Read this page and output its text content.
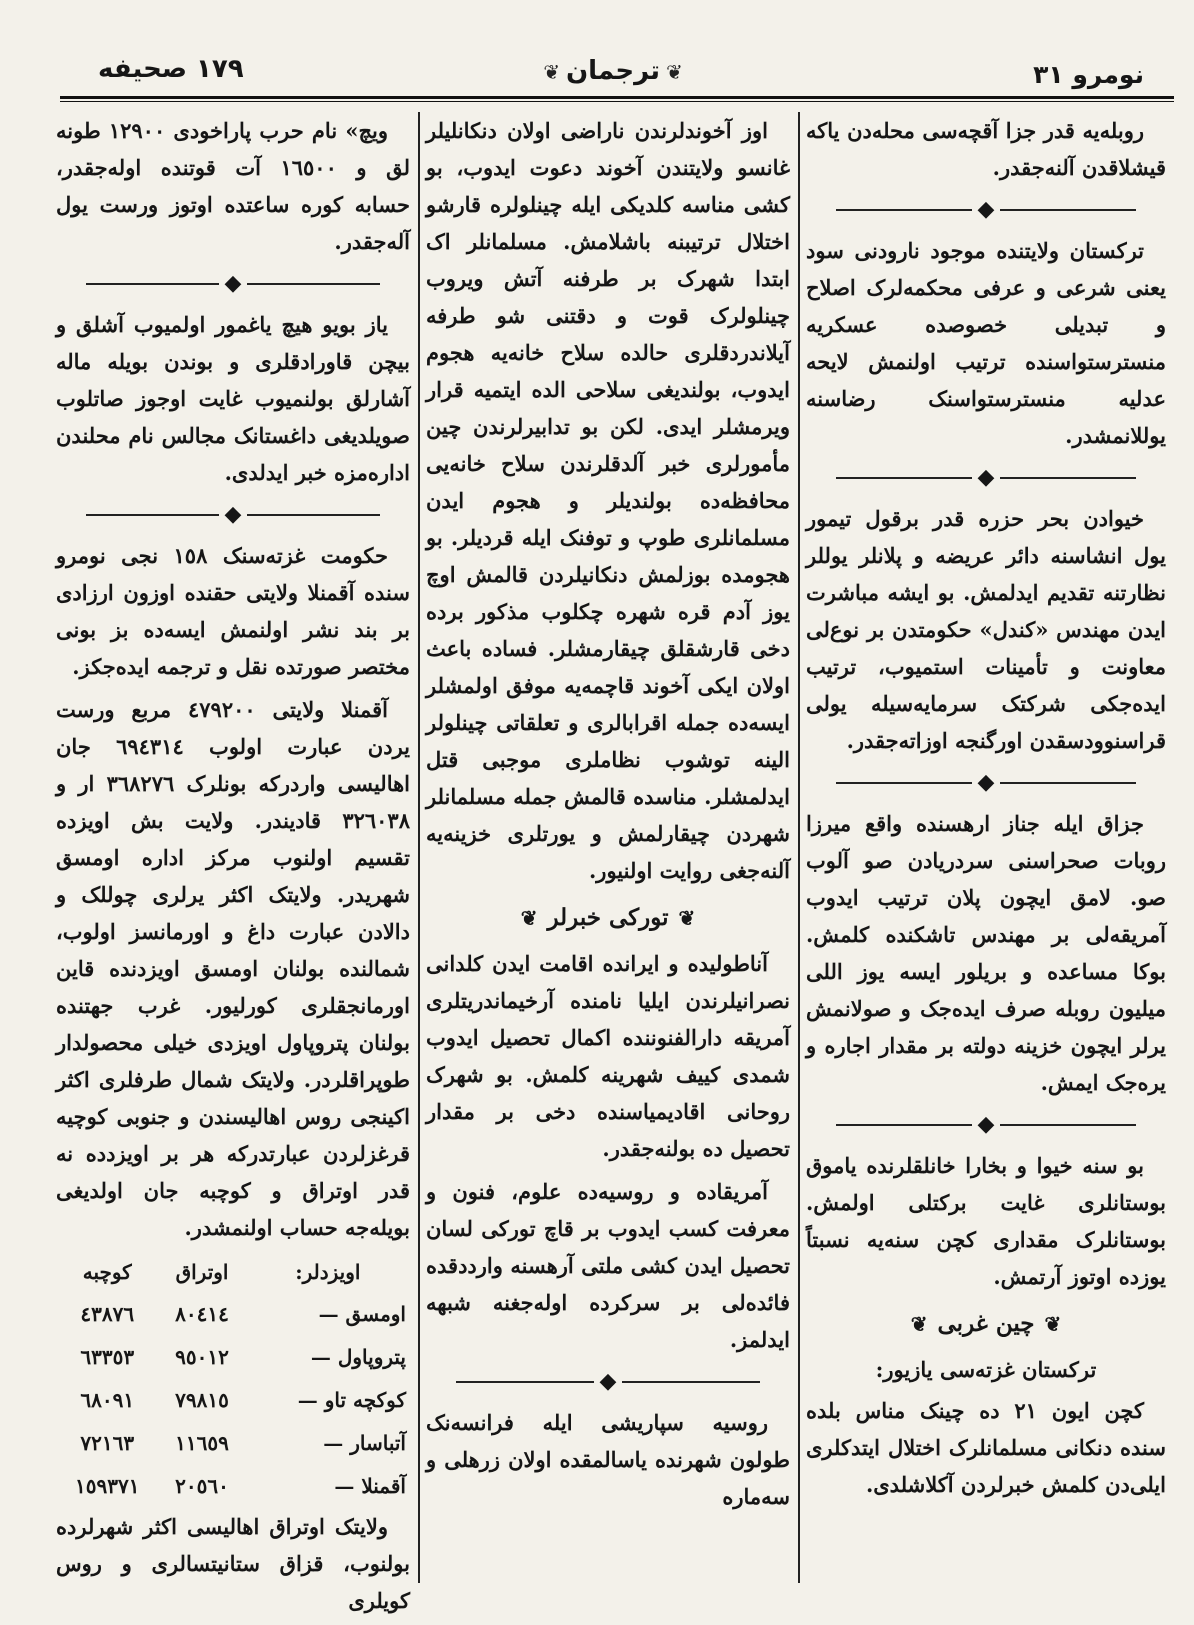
نومرو ٣١
❦ترجمان❦
١٧٩ صحیفه

روبله‌یه قدر جزا آقچه‌سی محله‌دن یاکه قیشلاقدن آلنه‌جقدر.

◆

ترکستان ولایتنده موجود نارودنی سود یعنی شرعی و عرفی محکمه‌لرک اصلاح و تبدیلی خصوصده عسکریه منسترستواسنده ترتیب اولنمش لایحه عدلیه منسترستواسنک رضاسنه یوللانمشدر.

◆

خیوادن بحر حزره قدر برقول تیمور یول انشاسنه دائر عریضه و پلانلر یوللر نظارتنه تقدیم ایدلمش. بو ایشه مباشرت ایدن مهندس «کندل» حکومتدن بر نوع‌لی معاونت و تأمینات استمیوب، ترتیب ایده‌جکی شرکتک سرمایه‌سیله یولی قراسنوودسقدن اورگنجه اوزاته‌جقدر.

◆

جزاق ایله جناز ارهسنده واقع میرزا روبات صحراسنی سردریادن صو آلوب صو. لامق ایچون پلان ترتیب ایدوب آمریقه‌لی بر مهندس تاشکنده کلمش. بوکا مساعده و بریلور ایسه یوز اللی میلیون روبله صرف ایده‌جک و صولانمش یرلر ایچون خزینه دولته بر مقدار اجاره و یره‌جک ایمش.

◆

بو سنه خیوا و بخارا خانلقلرنده یاموق بوستانلری غایت برکتلی اولمش. بوستانلرک مقداری کچن سنه‌یه نسبتاً یوزده اوتوز آرتمش.

❦چین غربی❦
ترکستان غزته‌سی یازیور:

کچن ایون ٢١ ده چینک مناس بلده سنده دنکانی مسلمانلرک اختلال ایتدکلری ایلی‌دن کلمش خبرلردن آکلاشلدی.

اوز آخوندلرندن ناراضی اولان دنکانلیلر غانسو ولایتندن آخوند دعوت ایدوب، بو کشی مناسه کلدیکی ایله چینلولره قارشو اختلال ترتیبنه باشلامش. مسلمانلر اک ابتدا شهرک بر طرفنه آتش ویروب چینلولرک قوت و دقتنی شو طرفه آیلاندردقلری حالده سلاح خانه‌یه هجوم ایدوب، بولندیغی سلاحی الده ایتمیه قرار ویرمشلر ایدی. لکن بو تدابیرلرندن چین مأمورلری خبر آلدقلرندن سلاح خانه‌یی محافظه‌ده بولندیلر و هجوم ایدن مسلمانلری طوپ و توفنک ایله قردیلر. بو هجومده بوزلمش دنکانیلردن قالمش اوچ یوز آدم قره شهره چکلوب مذکور برده دخی قارشقلق چیقارمشلر. فساده باعث اولان ایکی آخوند قاچمه‌یه موفق اولمشلر ایسه‌ده جمله اقرابالری و تعلقاتی چینلولر الینه توشوب نظاملری موجبی قتل ایدلمشلر. مناسده قالمش جمله مسلمانلر شهردن چیقارلمش و یورتلری خزینه‌یه آلنه‌جغی روایت اولنیور.

❦توركی خبرلر❦

آناطولیده و ایرانده اقامت ایدن کلدانی نصرانیلرندن ایلیا نامنده آرخیماندریتلری آمریقه دارالفنوننده اکمال تحصیل ایدوب شمدی کییف شهرینه کلمش. بو شهرک روحانی اقادیمیاسنده دخی بر مقدار تحصیل ده بولنه‌جقدر.

آمریقاده و روسیه‌ده علوم، فنون و معرفت کسب ایدوب بر قاچ تورکی لسان تحصیل ایدن کشی ملتی آرهسنه وارددقده فائده‌لی بر سرکرده اوله‌جغنه شبهه ایدلمز.

◆

روسیه سپاریشی ایله فرانسه‌نک طولون شهرنده یاسالمقده اولان زرهلی و سه‌ماره

ویچ» نام حرب پاراخودی ١٢٩٠٠ طونه لق و ١٦٥٠٠ آت قوتنده اوله‌جقدر، حسابه کوره ساعتده اوتوز ورست یول آله‌جقدر.

◆

یاز بویو هیچ یاغمور اولمیوب آشلق و بیچن قاورادقلری و بوندن بویله ماله آشارلق بولنمیوب غایت اوجوز صاتلوب صویلدیغی داغستانک مجالس نام محلندن اداره‌مزه خبر ایدلدی.

◆

حکومت غزته‌سنک ١٥٨ نجی نومرو سنده آقمنلا ولایتی حقنده اوزون ارزادی بر بند نشر اولنمش ایسه‌ده بز بونی مختصر صورتده نقل و ترجمه ایده‌جکز.

آقمنلا ولایتی ٤٧٩٢٠٠ مربع ورست یردن عبارت اولوب ٦٩٤٣١٤ جان اهالیسی واردرکه بونلرک ٣٦٨٢٧٦ ار و ٣٢٦٠٣٨ قادیندر. ولایت بش اویزده تقسیم اولنوب مرکز اداره اومسق شهریدر. ولایتک اکثر یرلری چوللک و دالادن عبارت داغ و اورمانسز اولوب، شمالنده بولنان اومسق اویزدنده قاین اورمانجقلری کورلیور. غرب جهتنده بولنان پتروپاول اویزدی خیلی محصولدار طوپراقلردر. ولایتک شمال طرفلری اکثر اکینجی روس اهالیسندن و جنوبی کوچیه قرغزلردن عبارتدرکه هر بر اویزدده نه قدر اوتراق و کوچبه جان اولدیغی بویله‌جه حساب اولنمشدر.

اویزدلر:	اوتراق	کوچبه
اومسق —	٨٠٤١٤	٤٣٨٧٦
پتروپاول —	٩٥٠١٢	٦٣٣٥٣
کوکچه تاو —	٧٩٨١٥	٦٨٠٩١
آتباسار —	١١٦٥٩	٧٢١٦٣
آقمنلا —	٢٠٥٦٠	١٥٩٣٧١

ولایتک اوتراق اهالیسی اکثر شهرلرده بولنوب، قزاق ستانیتسالری و روس کویلری
